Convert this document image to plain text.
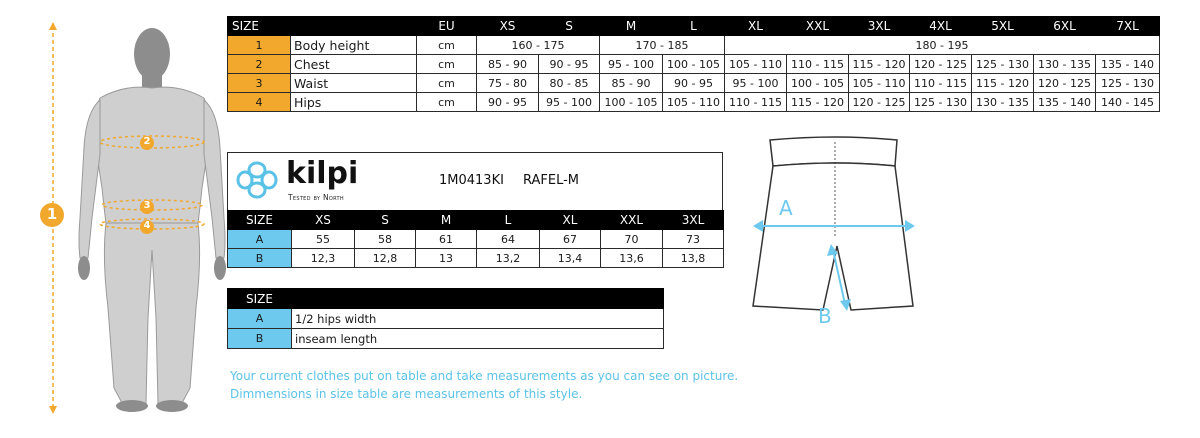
1
2
3
4
SIZE		EU	XS	S	M	L	XL	XXL	3XL	4XL	5XL	6XL	7XL
1	Body height	cm	160 - 175		170 - 185		180 - 195						
2	Chest	cm	85 - 90	90 - 95	95 - 100	100 - 105	105 - 110	110 - 115	115 - 120	120 - 125	125 - 130	130 - 135	135 - 140
3	Waist	cm	75 - 80	80 - 85	85 - 90	90 - 95	95 - 100	100 - 105	105 - 110	110 - 115	115 - 120	120 - 125	125 - 130
4	Hips	cm	90 - 95	95 - 100	100 - 105	105 - 110	110 - 115	115 - 120	120 - 125	125 - 130	130 - 135	135 - 140	140 - 145
kilpi
Tested by North
1M0413KI RAFEL-M
SIZE	XS	S	M	L	XL	XXL	3XL
A	55	58	61	64	67	70	73
B	12,3	12,8	13	13,2	13,4	13,6	13,8
SIZE	
A	1/2 hips width
B	inseam length
Your current clothes put on table and take measurements as you can see on picture.
Dimmensions in size table are measurements of this style.
A
B
